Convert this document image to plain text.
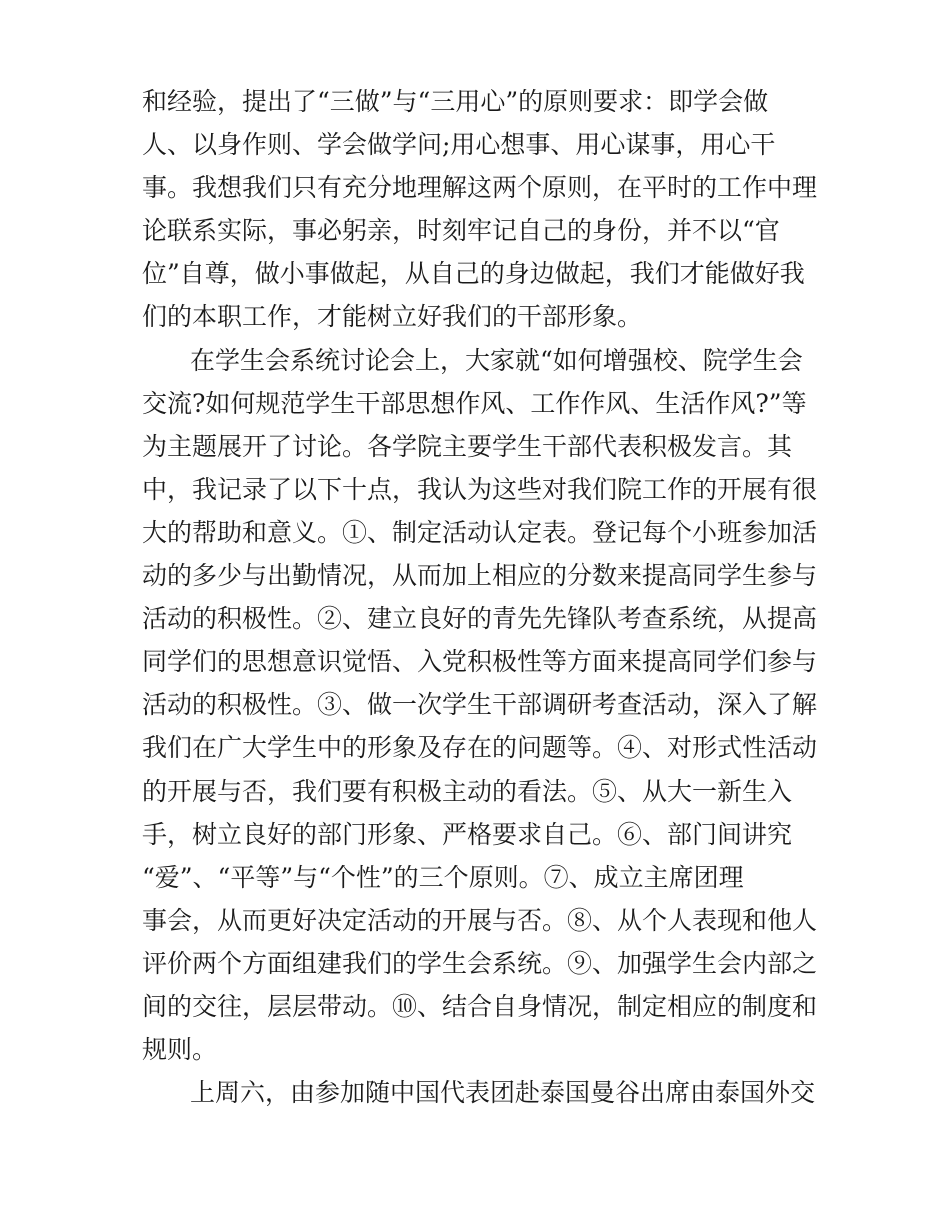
和经验，提出了“三做”与“三用心”的原则要求：即学会做
人、以身作则、学会做学问;用心想事、用心谋事，用心干
事。我想我们只有充分地理解这两个原则，在平时的工作中理
论联系实际，事必躬亲，时刻牢记自己的身份，并不以“官
位”自尊，做小事做起，从自己的身边做起，我们才能做好我
们的本职工作，才能树立好我们的干部形象。
在学生会系统讨论会上，大家就“如何增强校、院学生会
交流?如何规范学生干部思想作风、工作作风、生活作风?”等
为主题展开了讨论。各学院主要学生干部代表积极发言。其
中，我记录了以下十点，我认为这些对我们院工作的开展有很
大的帮助和意义。①、制定活动认定表。登记每个小班参加活
动的多少与出勤情况，从而加上相应的分数来提高同学生参与
活动的积极性。②、建立良好的青先先锋队考查系统，从提高
同学们的思想意识觉悟、入党积极性等方面来提高同学们参与
活动的积极性。③、做一次学生干部调研考查活动，深入了解
我们在广大学生中的形象及存在的问题等。④、对形式性活动
的开展与否，我们要有积极主动的看法。⑤、从大一新生入
手，树立良好的部门形象、严格要求自己。⑥、部门间讲究
“爱”、“平等”与“个性”的三个原则。⑦、成立主席团理
事会，从而更好决定活动的开展与否。⑧、从个人表现和他人
评价两个方面组建我们的学生会系统。⑨、加强学生会内部之
间的交往，层层带动。⑩、结合自身情况，制定相应的制度和
规则。
上周六，由参加随中国代表团赴泰国曼谷出席由泰国外交
